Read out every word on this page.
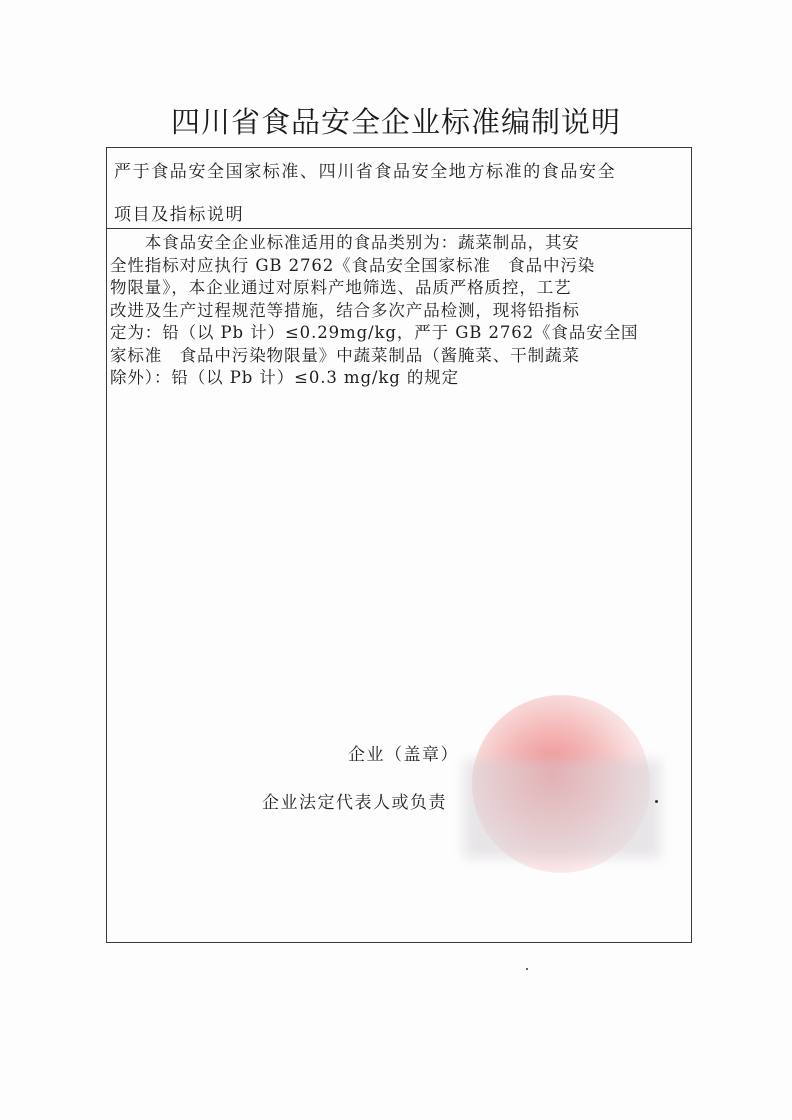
四川省食品安全企业标准编制说明
严于食品安全国家标准、四川省食品安全地方标准的食品安全
项目及指标说明
　　本食品安全企业标准适用的食品类别为：蔬菜制品，其安
全性指标对应执行 GB 2762《食品安全国家标准　食品中污染
物限量》，本企业通过对原料产地筛选、品质严格质控，工艺
改进及生产过程规范等措施，结合多次产品检测，现将铅指标
定为：铅（以 Pb 计）≤0.29mg/kg，严于 GB 2762《食品安全国
家标准　食品中污染物限量》中蔬菜制品（酱腌菜、干制蔬菜
除外）：铅（以 Pb 计）≤0.3 mg/kg 的规定
企业（盖章）
企业法定代表人或负责
